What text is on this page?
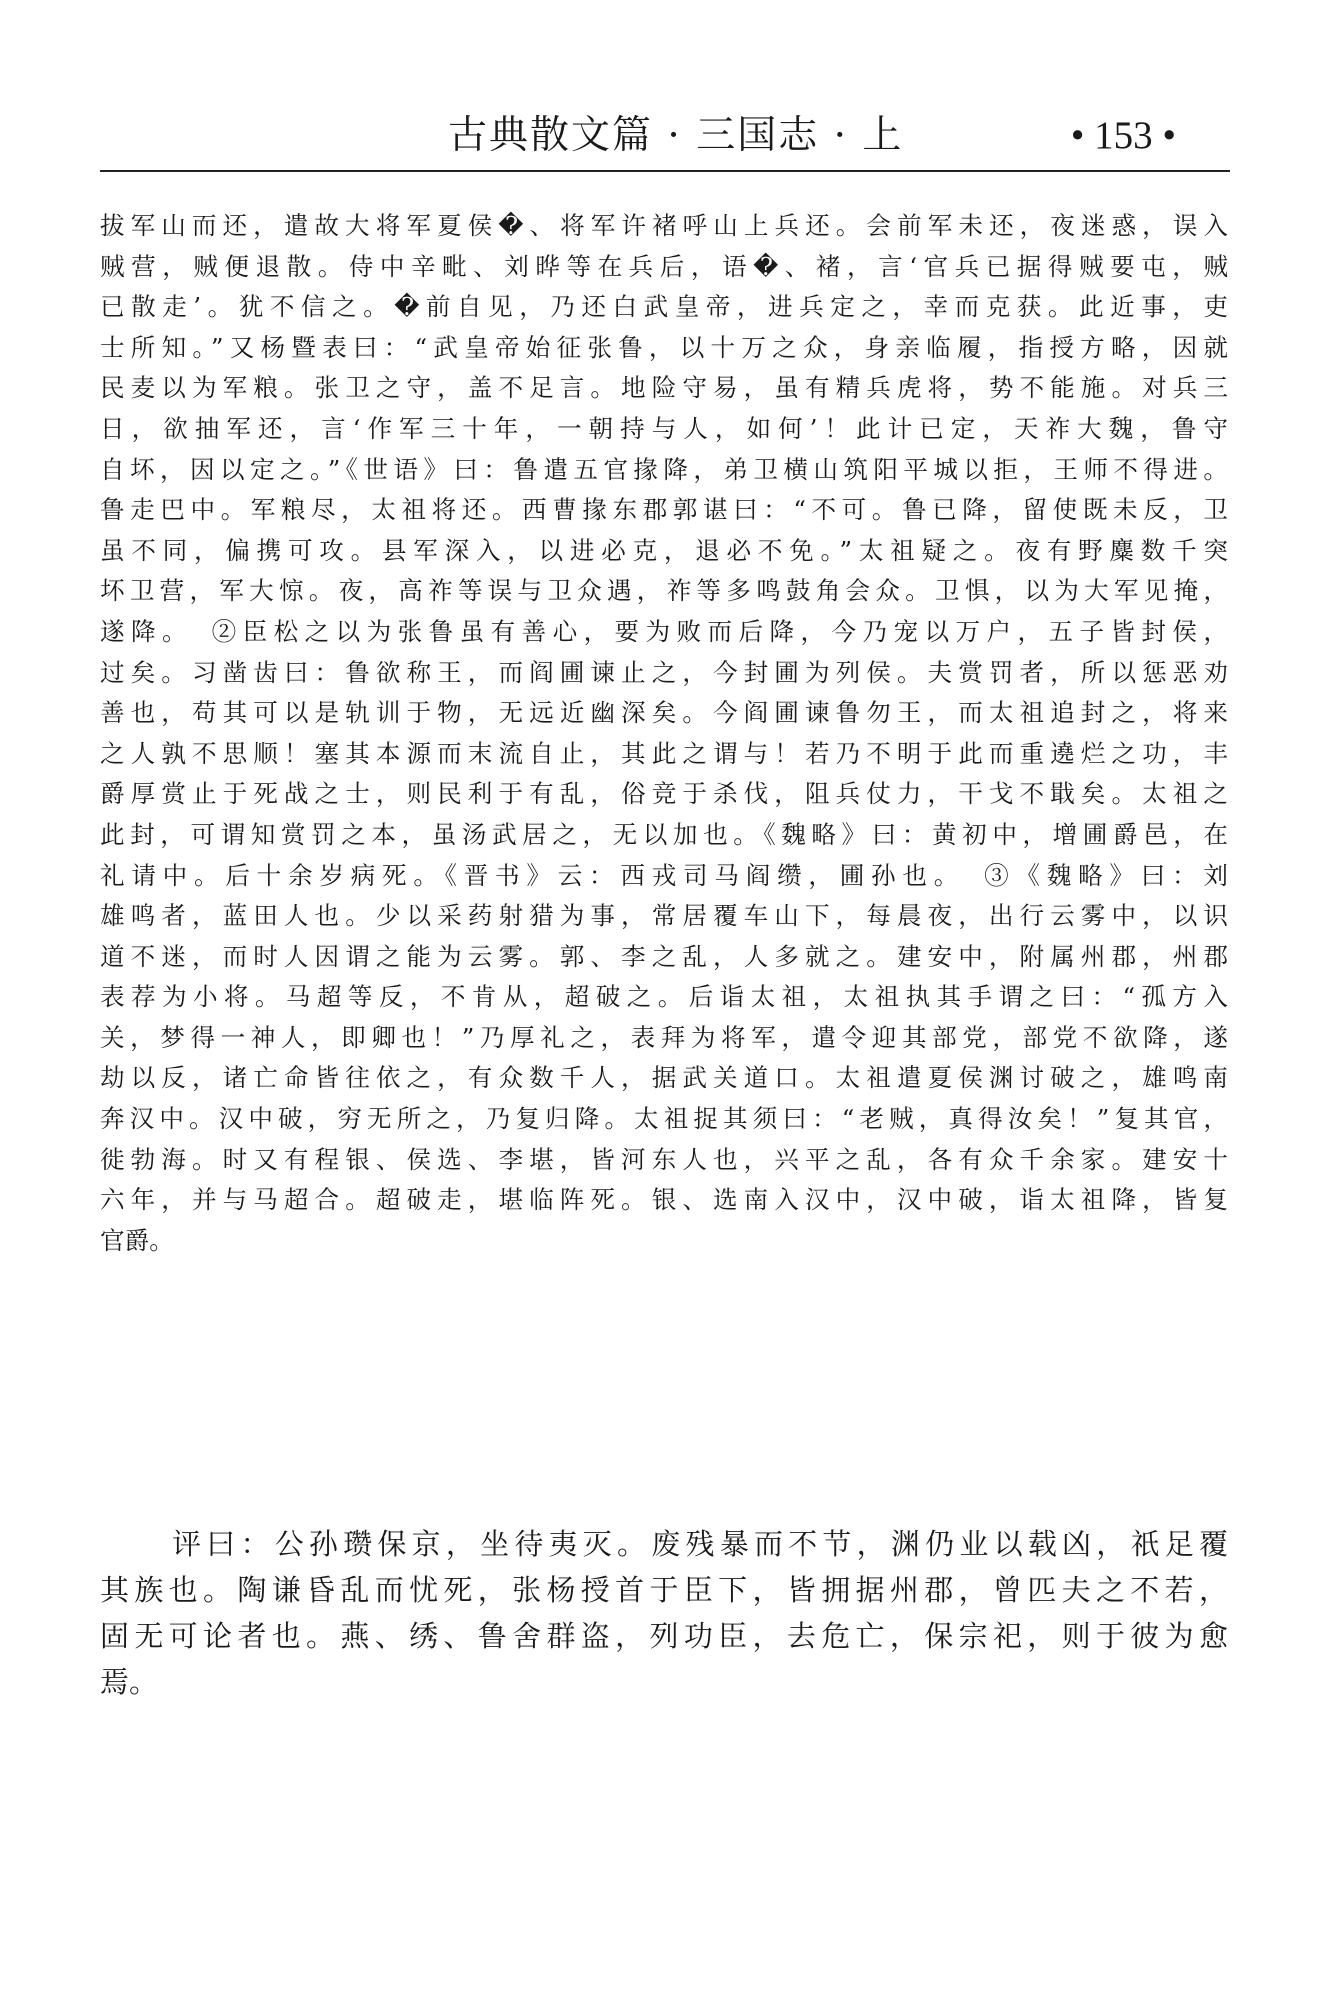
古典散文篇 · 三国志 · 上	• 153 •
拔军山而还，遣故大将军夏侯�、将军许褚呼山上兵还。会前军未还，夜迷惑，误入
贼营，贼便退散。侍中辛毗、刘晔等在兵后，语�、褚，言‘官兵已据得贼要屯，贼
已散走’。犹不信之。�前自见，乃还白武皇帝，进兵定之，幸而克获。此近事，吏
士所知。”又杨暨表曰：“武皇帝始征张鲁，以十万之众，身亲临履，指授方略，因就
民麦以为军粮。张卫之守，盖不足言。地险守易，虽有精兵虎将，势不能施。对兵三
日，欲抽军还，言‘作军三十年，一朝持与人，如何’！此计已定，天祚大魏，鲁守
自坏，因以定之。”《世语》曰：鲁遣五官掾降，弟卫横山筑阳平城以拒，王师不得进。
鲁走巴中。军粮尽，太祖将还。西曹掾东郡郭谌曰：“不可。鲁已降，留使既未反，卫
虽不同，偏携可攻。县军深入，以进必克，退必不免。”太祖疑之。夜有野麋数千突
坏卫营，军大惊。夜，高祚等误与卫众遇，祚等多鸣鼓角会众。卫惧，以为大军见掩，
遂降。　②臣松之以为张鲁虽有善心，要为败而后降，今乃宠以万户，五子皆封侯，
过矣。习凿齿曰：鲁欲称王，而阎圃谏止之，今封圃为列侯。夫赏罚者，所以惩恶劝
善也，苟其可以是轨训于物，无远近幽深矣。今阎圃谏鲁勿王，而太祖追封之，将来
之人孰不思顺！塞其本源而末流自止，其此之谓与！若乃不明于此而重遶烂之功，丰
爵厚赏止于死战之士，则民利于有乱，俗竞于杀伐，阻兵仗力，干戈不戢矣。太祖之
此封，可谓知赏罚之本，虽汤武居之，无以加也。《魏略》曰：黄初中，增圃爵邑，在
礼请中。后十余岁病死。《晋书》云：西戎司马阎缵，圃孙也。　③《魏略》曰：刘
雄鸣者，蓝田人也。少以采药射猎为事，常居覆车山下，每晨夜，出行云雾中，以识
道不迷，而时人因谓之能为云雾。郭、李之乱，人多就之。建安中，附属州郡，州郡
表荐为小将。马超等反，不肯从，超破之。后诣太祖，太祖执其手谓之曰：“孤方入
关，梦得一神人，即卿也！”乃厚礼之，表拜为将军，遣令迎其部党，部党不欲降，遂
劫以反，诸亡命皆往依之，有众数千人，据武关道口。太祖遣夏侯渊讨破之，雄鸣南
奔汉中。汉中破，穷无所之，乃复归降。太祖捉其须曰：“老贼，真得汝矣！”复其官，
徙勃海。时又有程银、侯选、李堪，皆河东人也，兴平之乱，各有众千余家。建安十
六年，并与马超合。超破走，堪临阵死。银、选南入汉中，汉中破，诣太祖降，皆复
官爵。
评曰：公孙瓒保京，坐待夷灭。废残暴而不节，渊仍业以载凶，祇足覆
其族也。陶谦昏乱而忧死，张杨授首于臣下，皆拥据州郡，曾匹夫之不若，
固无可论者也。燕、绣、鲁舍群盗，列功臣，去危亡，保宗祀，则于彼为愈
焉。
